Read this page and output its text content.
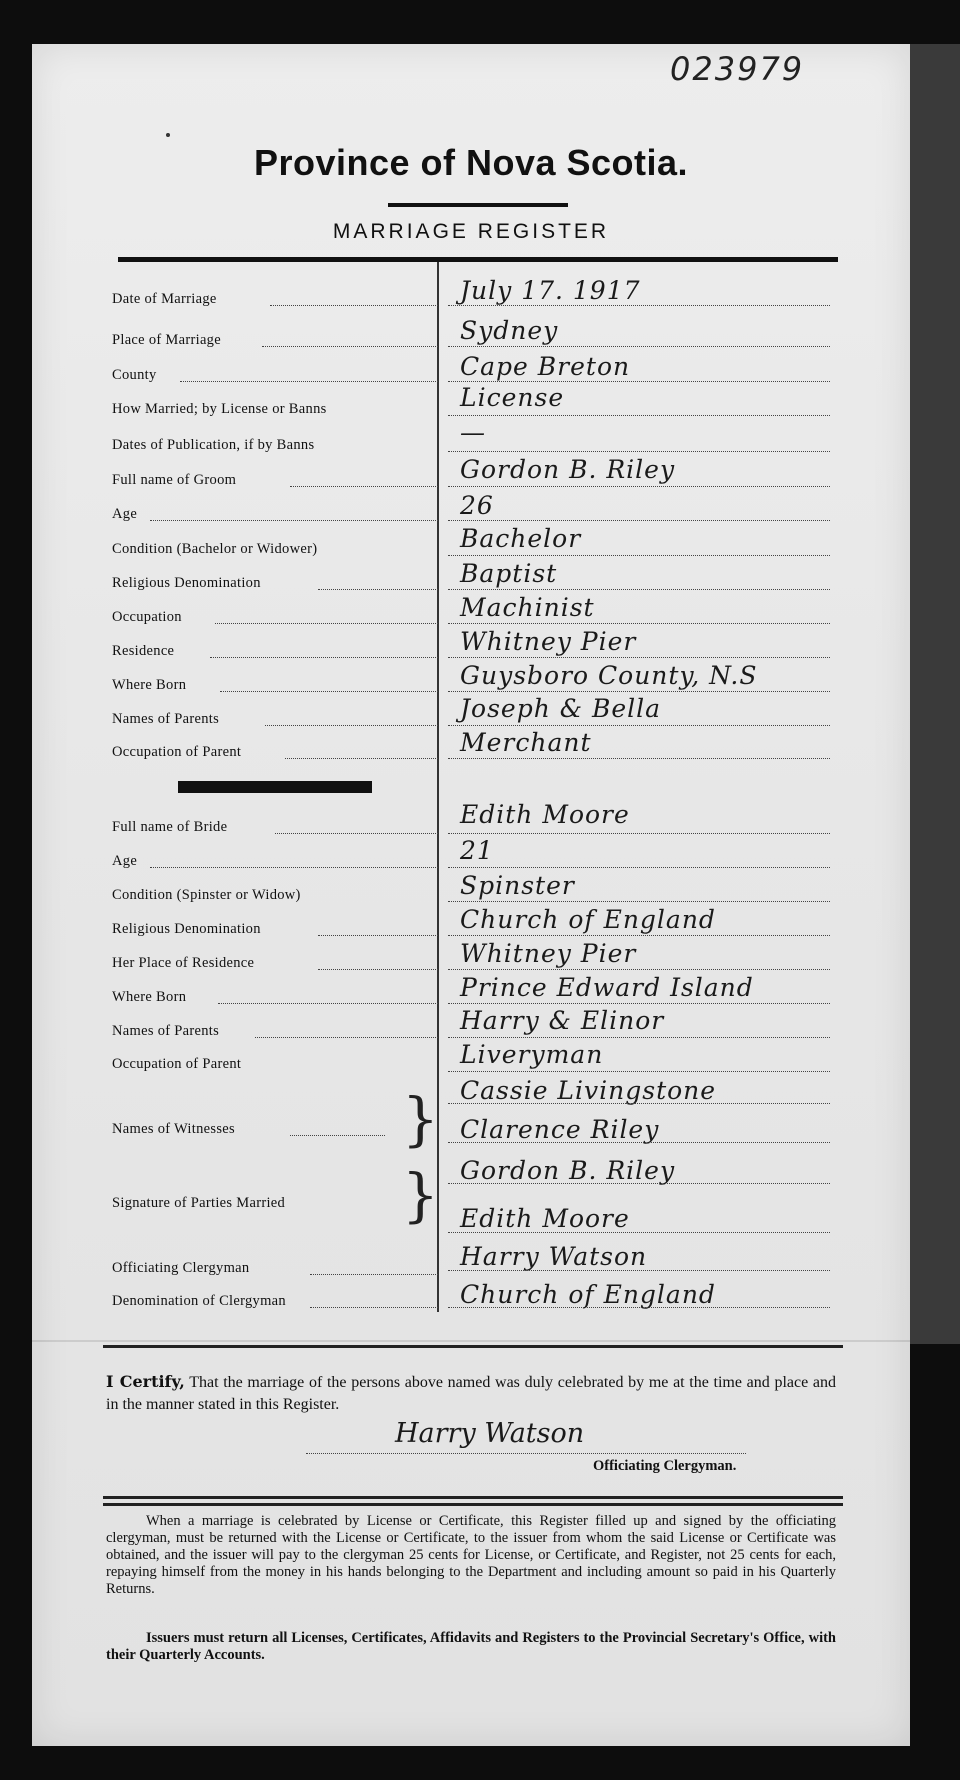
023979
Province of Nova Scotia.
MARRIAGE REGISTER
Date of Marriage	July 17. 1917
Place of Marriage	Sydney
County	Cape Breton
How Married; by License or Banns	License
Dates of Publication, if by Banns	—
Full name of Groom	Gordon B. Riley
Age	26
Condition (Bachelor or Widower)	Bachelor
Religious Denomination	Baptist
Occupation	Machinist
Residence	Whitney Pier
Where Born	Guysboro County, N.S
Names of Parents	Joseph & Bella
Occupation of Parent	Merchant
Full name of Bride	Edith Moore
Age	21
Condition (Spinster or Widow)	Spinster
Religious Denomination	Church of England
Her Place of Residence	Whitney Pier
Where Born	Prince Edward Island
Names of Parents	Harry & Elinor
Occupation of Parent	Liveryman
Names of Witnesses	} Cassie Livingstone
Clarence Riley
Signature of Parties Married	} Gordon B. Riley
Edith Moore
Officiating Clergyman	Harry Watson
Denomination of Clergyman	Church of England
I Certify, That the marriage of the persons above named was duly celebrated by me at the time and place and in the manner stated in this Register.
Harry Watson
Officiating Clergyman.
When a marriage is celebrated by License or Certificate, this Register filled up and signed by the officiating clergyman, must be returned with the License or Certificate, to the issuer from whom the said License or Certificate was obtained, and the issuer will pay to the clergyman 25 cents for License, or Certificate, and Register, not 25 cents for each, repaying himself from the money in his hands belonging to the Department and including amount so paid in his Quarterly Returns.
Issuers must return all Licenses, Certificates, Affidavits and Registers to the Provincial Secretary's Office, with their Quarterly Accounts.
